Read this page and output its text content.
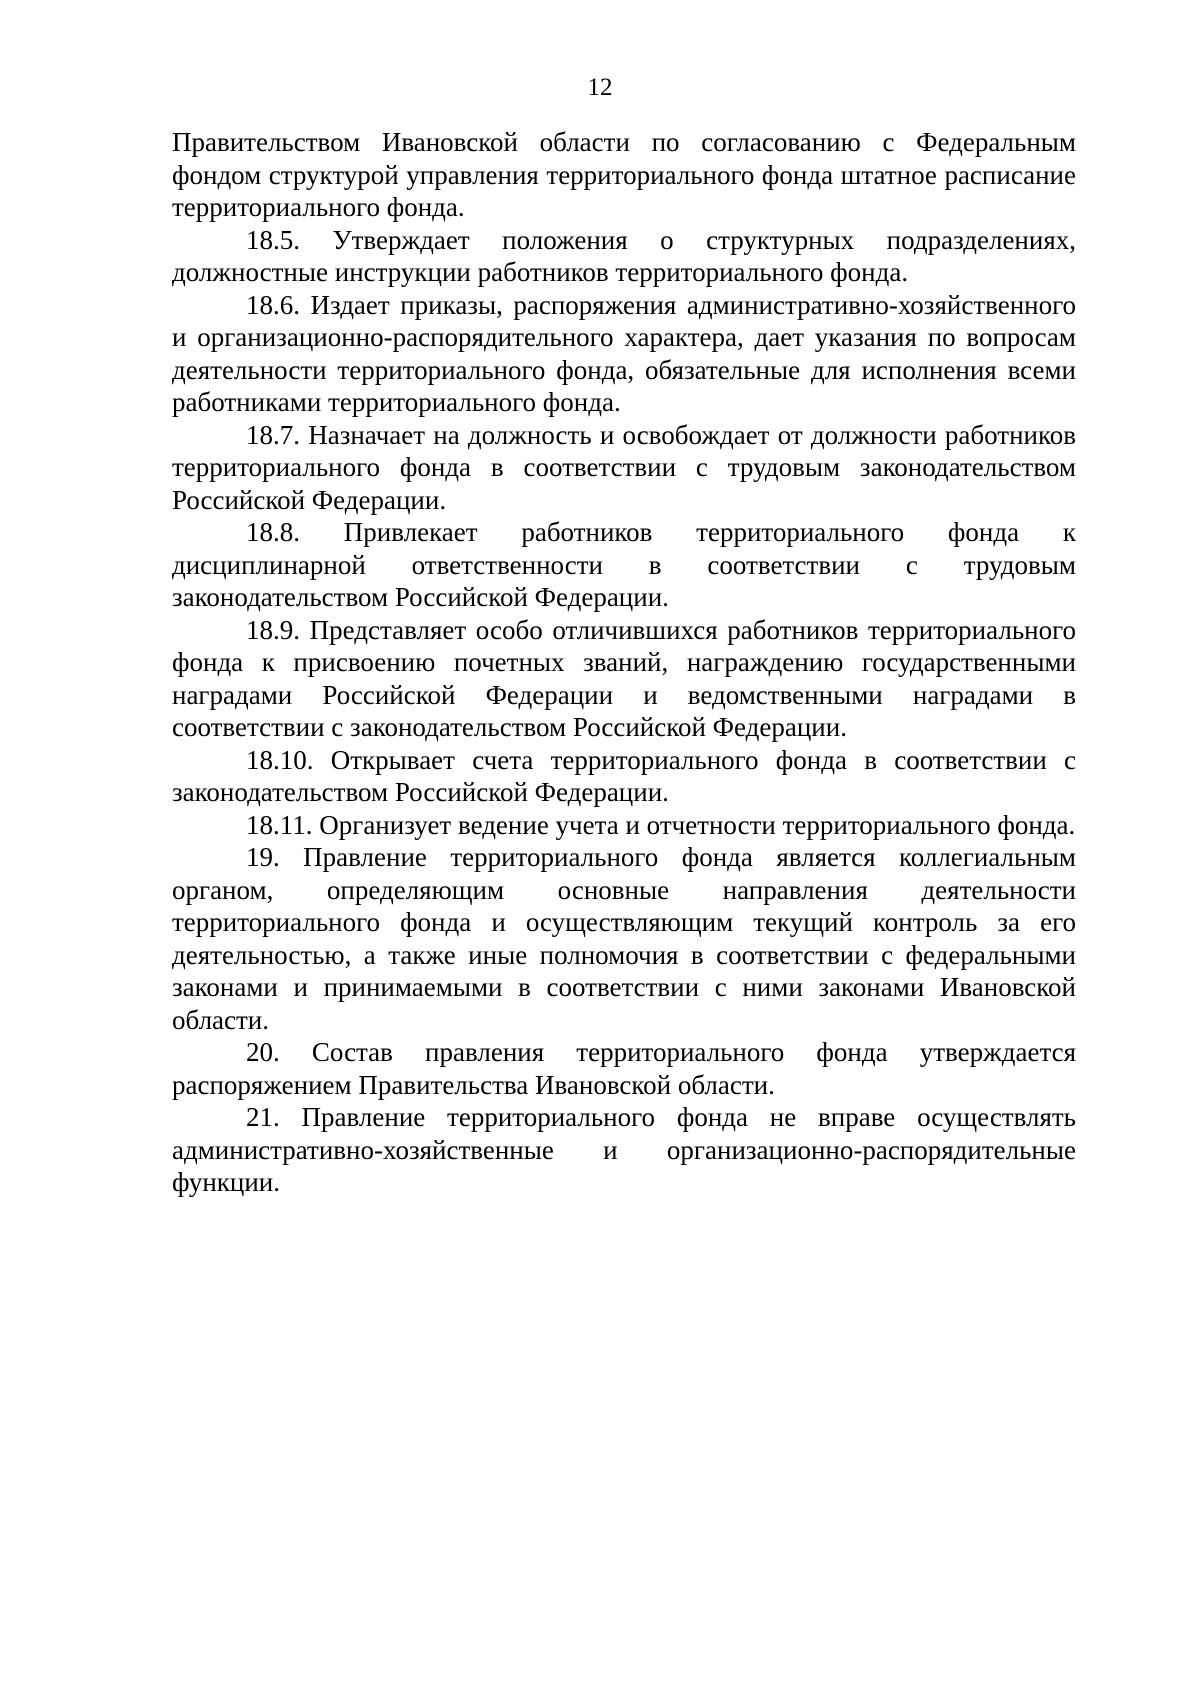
12

Правительством Ивановской области по согласованию с Федеральным фондом структурой управления территориального фонда штатное расписание территориального фонда.

18.5. Утверждает положения о структурных подразделениях, должностные инструкции работников территориального фонда.

18.6. Издает приказы, распоряжения административно-хозяйственного и организационно-распорядительного характера, дает указания по вопросам деятельности территориального фонда, обязательные для исполнения всеми работниками территориального фонда.

18.7. Назначает на должность и освобождает от должности работников территориального фонда в соответствии с трудовым законодательством Российской Федерации.

18.8. Привлекает работников территориального фонда к дисциплинарной ответственности в соответствии с трудовым законодательством Российской Федерации.

18.9. Представляет особо отличившихся работников территориального фонда к присвоению почетных званий, награждению государственными наградами Российской Федерации и ведомственными наградами в соответствии с законодательством Российской Федерации.

18.10. Открывает счета территориального фонда в соответствии с законодательством Российской Федерации.

18.11. Организует ведение учета и отчетности территориального фонда.

19. Правление территориального фонда является коллегиальным органом, определяющим основные направления деятельности территориального фонда и осуществляющим текущий контроль за его деятельностью, а также иные полномочия в соответствии с федеральными законами и принимаемыми в соответствии с ними законами Ивановской области.

20. Состав правления территориального фонда утверждается распоряжением Правительства Ивановской области.

21. Правление территориального фонда не вправе осуществлять административно-хозяйственные и организационно-распорядительные функции.
